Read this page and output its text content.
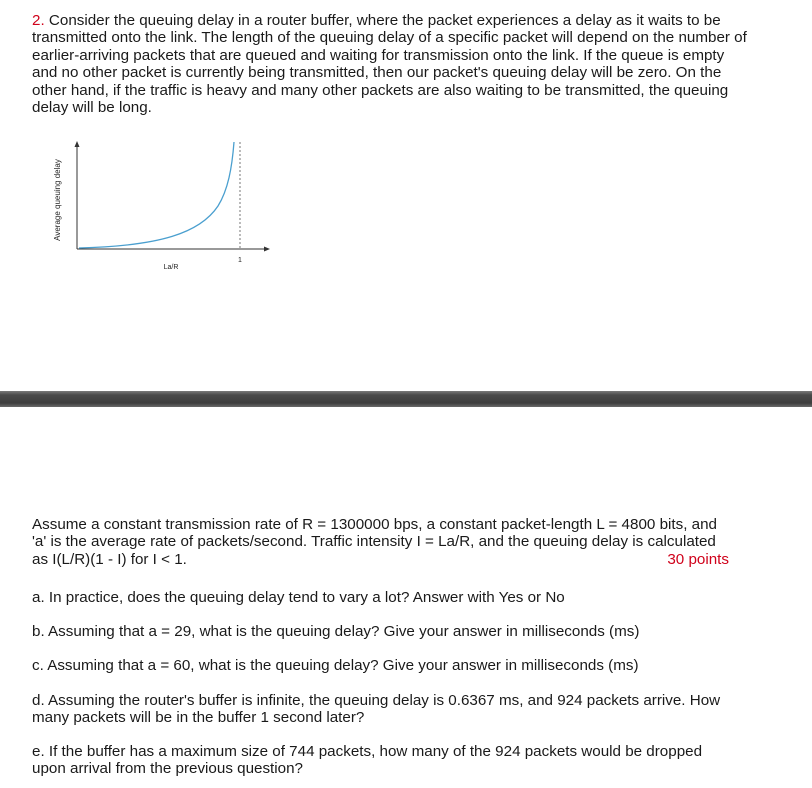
2. Consider the queuing delay in a router buffer, where the packet experiences a delay as it waits to be transmitted onto the link. The length of the queuing delay of a specific packet will depend on the number of earlier-arriving packets that are queued and waiting for transmission onto the link. If the queue is empty and no other packet is currently being transmitted, then our packet's queuing delay will be zero. On the other hand, if the traffic is heavy and many other packets are also waiting to be transmitted, the queuing delay will be long.
Average queuing delay
1
La/R
Assume a constant transmission rate of R = 1300000 bps, a constant packet-length L = 4800 bits, and 'a' is the average rate of packets/second. Traffic intensity I = La/R, and the queuing delay is calculated as I(L/R)(1 - I) for I < 1.	30 points
a. In practice, does the queuing delay tend to vary a lot? Answer with Yes or No
b. Assuming that a = 29, what is the queuing delay? Give your answer in milliseconds (ms)
c. Assuming that a = 60, what is the queuing delay? Give your answer in milliseconds (ms)
d. Assuming the router's buffer is infinite, the queuing delay is 0.6367 ms, and 924 packets arrive. How many packets will be in the buffer 1 second later?
e. If the buffer has a maximum size of 744 packets, how many of the 924 packets would be dropped upon arrival from the previous question?
